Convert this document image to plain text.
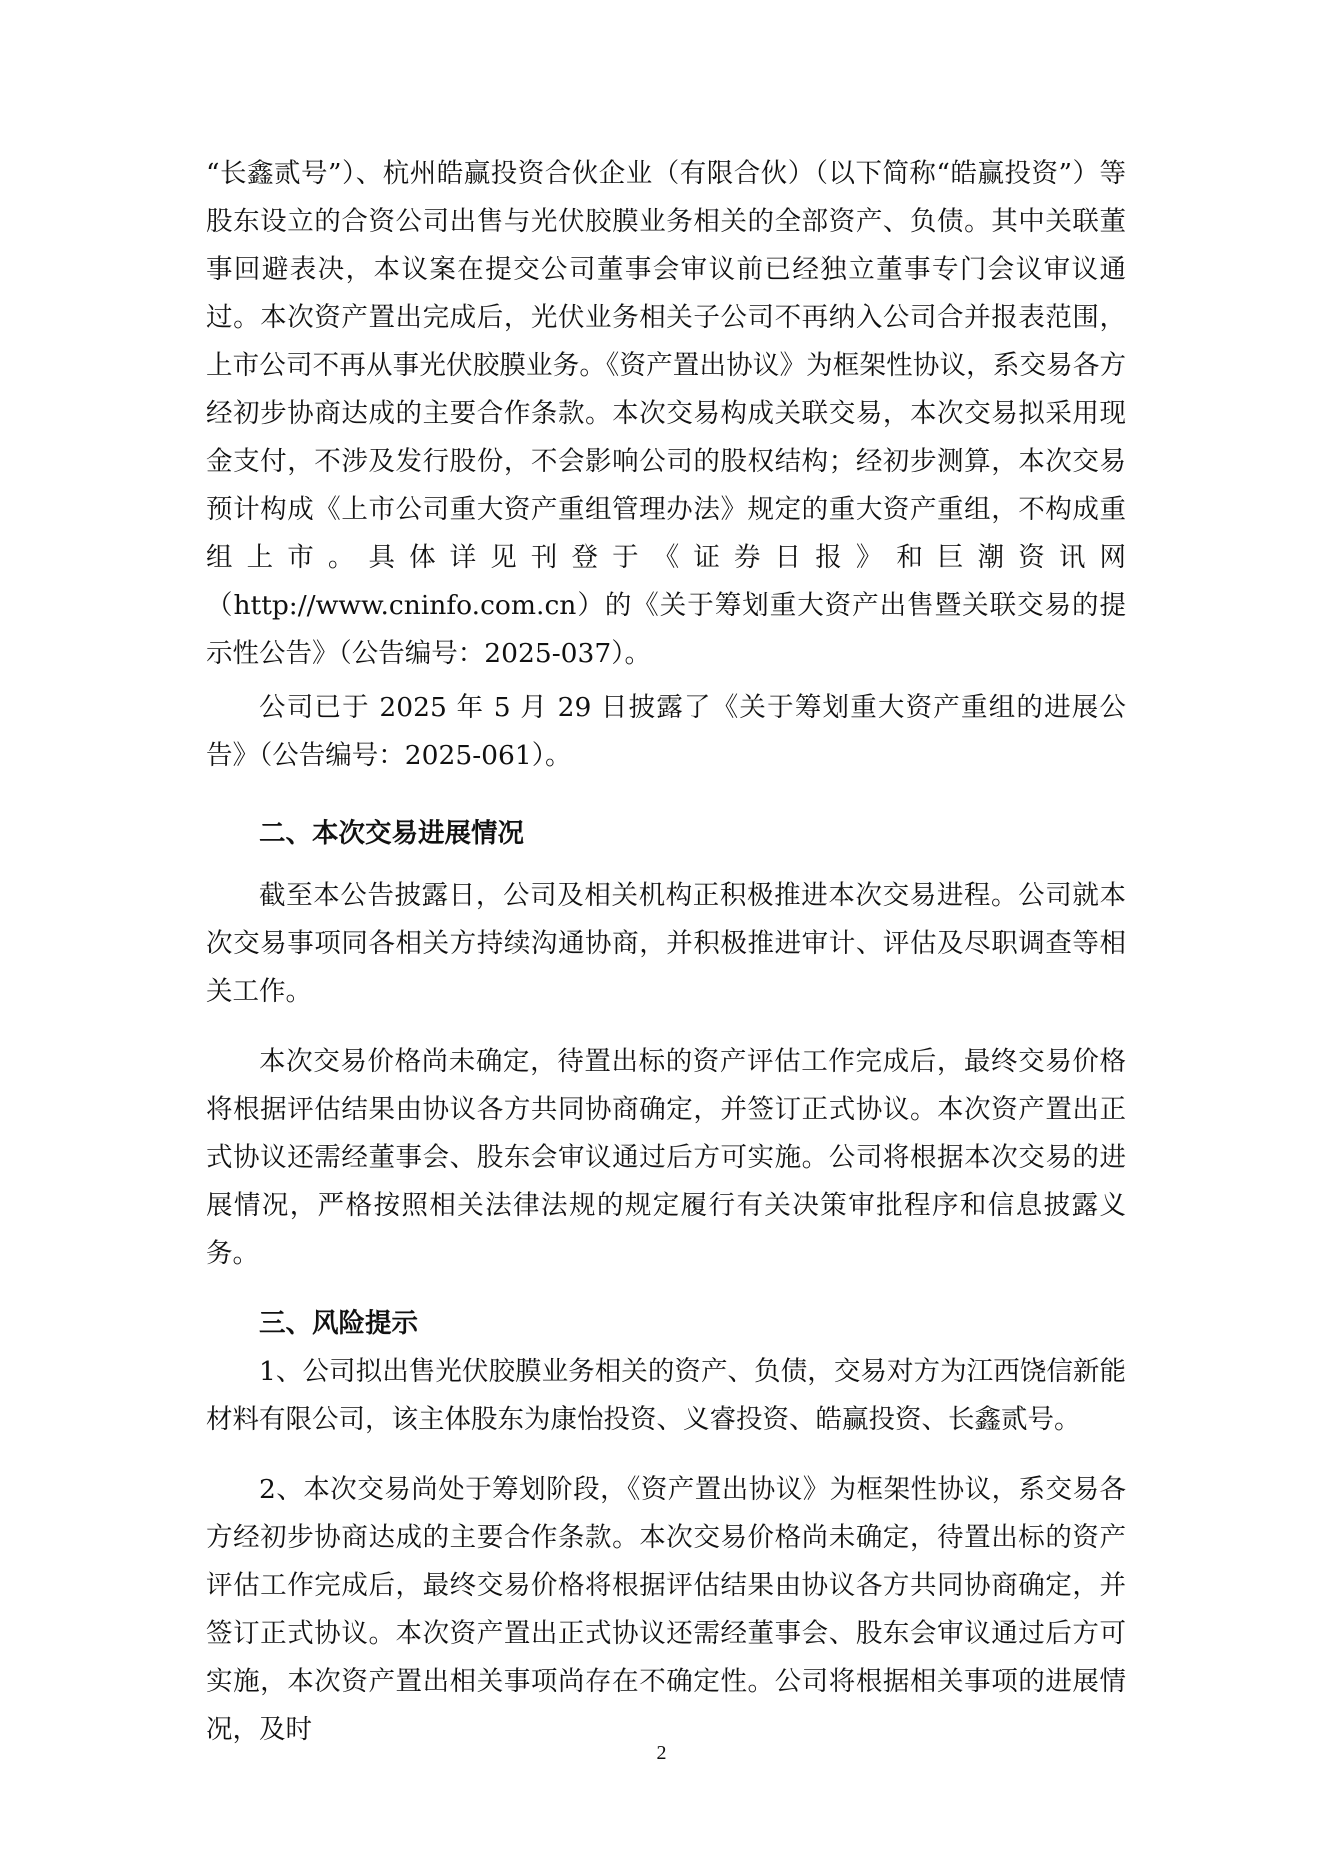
“长鑫贰号”）、杭州皓赢投资合伙企业（有限合伙）（以下简称“皓赢投资”）等股东设立的合资公司出售与光伏胶膜业务相关的全部资产、负债。其中关联董事回避表决，本议案在提交公司董事会审议前已经独立董事专门会议审议通过。本次资产置出完成后，光伏业务相关子公司不再纳入公司合并报表范围，上市公司不再从事光伏胶膜业务。《资产置出协议》为框架性协议，系交易各方经初步协商达成的主要合作条款。本次交易构成关联交易，本次交易拟采用现金支付，不涉及发行股份，不会影响公司的股权结构；经初步测算，本次交易预计构成《上市公司重大资产重组管理办法》规定的重大资产重组，不构成重组上市。具体详见刊登于《证券日报》和巨潮资讯网（http://www.cninfo.com.cn）的《关于筹划重大资产出售暨关联交易的提示性公告》（公告编号：2025-037）。

公司已于 2025 年 5 月 29 日披露了《关于筹划重大资产重组的进展公告》（公告编号：2025-061）。

二、本次交易进展情况

截至本公告披露日，公司及相关机构正积极推进本次交易进程。公司就本次交易事项同各相关方持续沟通协商，并积极推进审计、评估及尽职调查等相关工作。

本次交易价格尚未确定，待置出标的资产评估工作完成后，最终交易价格将根据评估结果由协议各方共同协商确定，并签订正式协议。本次资产置出正式协议还需经董事会、股东会审议通过后方可实施。公司将根据本次交易的进展情况，严格按照相关法律法规的规定履行有关决策审批程序和信息披露义务。

三、风险提示

1、公司拟出售光伏胶膜业务相关的资产、负债，交易对方为江西饶信新能材料有限公司，该主体股东为康怡投资、义睿投资、皓赢投资、长鑫贰号。

2、本次交易尚处于筹划阶段，《资产置出协议》为框架性协议，系交易各方经初步协商达成的主要合作条款。本次交易价格尚未确定，待置出标的资产评估工作完成后，最终交易价格将根据评估结果由协议各方共同协商确定，并签订正式协议。本次资产置出正式协议还需经董事会、股东会审议通过后方可实施，本次资产置出相关事项尚存在不确定性。公司将根据相关事项的进展情况，及时

2
